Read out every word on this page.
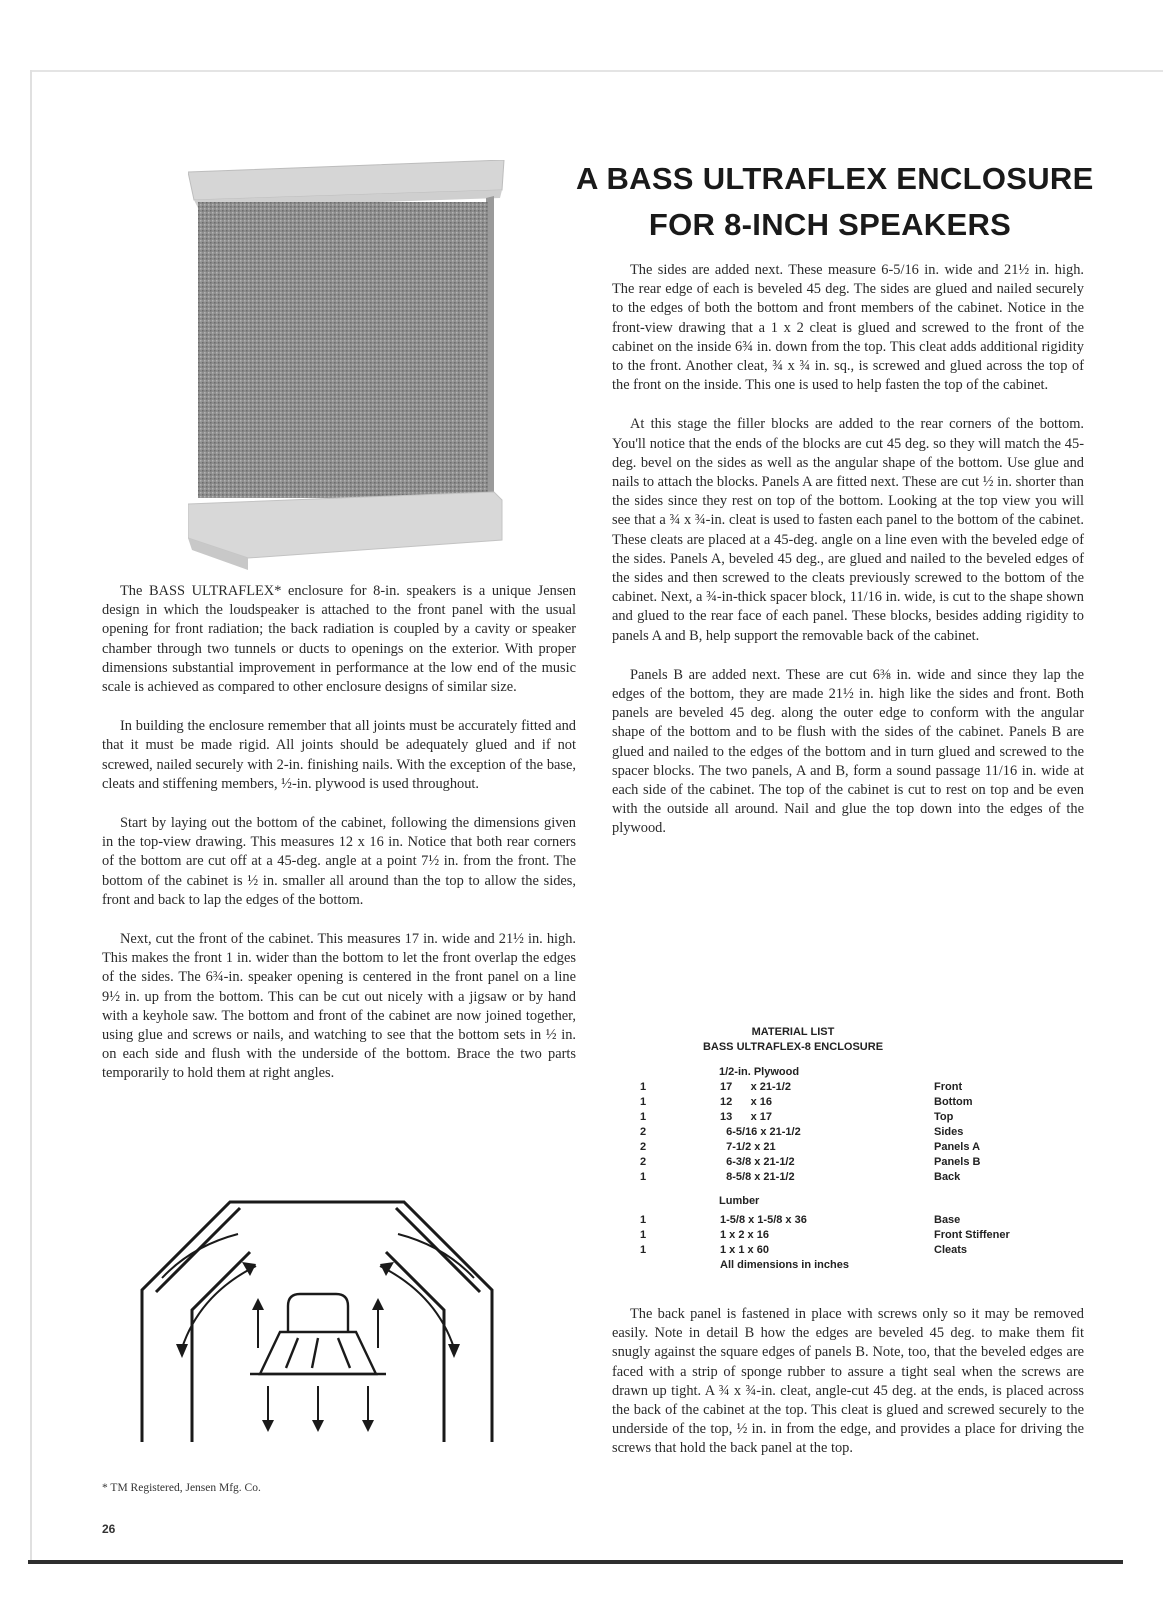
A BASS ULTRAFLEX ENCLOSURE
FOR 8-INCH SPEAKERS

The BASS ULTRAFLEX* enclosure for 8-in. speakers is a unique Jensen design in which the loudspeaker is attached to the front panel with the usual opening for front radiation; the back radiation is coupled by a cavity or speaker chamber through two tunnels or ducts to openings on the exterior. With proper dimensions substantial improvement in performance at the low end of the music scale is achieved as compared to other enclosure designs of similar size.

In building the enclosure remember that all joints must be accurately fitted and that it must be made rigid. All joints should be adequately glued and if not screwed, nailed securely with 2-in. finishing nails. With the exception of the base, cleats and stiffening members, ½-in. plywood is used throughout.

Start by laying out the bottom of the cabinet, following the dimensions given in the top-view drawing. This measures 12 x 16 in. Notice that both rear corners of the bottom are cut off at a 45-deg. angle at a point 7½ in. from the front. The bottom of the cabinet is ½ in. smaller all around than the top to allow the sides, front and back to lap the edges of the bottom.

Next, cut the front of the cabinet. This measures 17 in. wide and 21½ in. high. This makes the front 1 in. wider than the bottom to let the front overlap the edges of the sides. The 6¾-in. speaker opening is centered in the front panel on a line 9½ in. up from the bottom. This can be cut out nicely with a jigsaw or by hand with a keyhole saw. The bottom and front of the cabinet are now joined together, using glue and screws or nails, and watching to see that the bottom sets in ½ in. on each side and flush with the underside of the bottom. Brace the two parts temporarily to hold them at right angles.

The sides are added next. These measure 6-5/16 in. wide and 21½ in. high. The rear edge of each is beveled 45 deg. The sides are glued and nailed securely to the edges of both the bottom and front members of the cabinet. Notice in the front-view drawing that a 1 x 2 cleat is glued and screwed to the front of the cabinet on the inside 6¾ in. down from the top. This cleat adds additional rigidity to the front. Another cleat, ¾ x ¾ in. sq., is screwed and glued across the top of the front on the inside. This one is used to help fasten the top of the cabinet.

At this stage the filler blocks are added to the rear corners of the bottom. You'll notice that the ends of the blocks are cut 45 deg. so they will match the 45-deg. bevel on the sides as well as the angular shape of the bottom. Use glue and nails to attach the blocks. Panels A are fitted next. These are cut ½ in. shorter than the sides since they rest on top of the bottom. Looking at the top view you will see that a ¾ x ¾-in. cleat is used to fasten each panel to the bottom of the cabinet. These cleats are placed at a 45-deg. angle on a line even with the beveled edge of the sides. Panels A, beveled 45 deg., are glued and nailed to the beveled edges of the sides and then screwed to the cleats previously screwed to the bottom of the cabinet. Next, a ¾-in-thick spacer block, 11/16 in. wide, is cut to the shape shown and glued to the rear face of each panel. These blocks, besides adding rigidity to panels A and B, help support the removable back of the cabinet.

Panels B are added next. These are cut 6⅜ in. wide and since they lap the edges of the bottom, they are made 21½ in. high like the sides and front. Both panels are beveled 45 deg. along the outer edge to conform with the angular shape of the bottom and to be flush with the sides of the cabinet. Panels B are glued and nailed to the edges of the bottom and in turn glued and screwed to the spacer blocks. The two panels, A and B, form a sound passage 11/16 in. wide at each side of the cabinet. The top of the cabinet is cut to rest on top and be even with the outside all around. Nail and glue the top down into the edges of the plywood.

MATERIAL LIST
BASS ULTRAFLEX-8 ENCLOSURE
1/2-in. Plywood
1	17      x 21-1/2	Front
1	12      x 16	Bottom
1	13      x 17	Top
2	6-5/16 x 21-1/2	Sides
2	7-1/2 x 21	Panels A
2	6-3/8 x 21-1/2	Panels B
1	8-5/8 x 21-1/2	Back
Lumber
1	1-5/8 x 1-5/8 x 36	Base
1	1 x 2 x 16	Front Stiffener
1	1 x 1 x 60	Cleats
All dimensions in inches

The back panel is fastened in place with screws only so it may be removed easily. Note in detail B how the edges are beveled 45 deg. to make them fit snugly against the square edges of panels B. Note, too, that the beveled edges are faced with a strip of sponge rubber to assure a tight seal when the screws are drawn up tight. A ¾ x ¾-in. cleat, angle-cut 45 deg. at the ends, is placed across the back of the cabinet at the top. This cleat is glued and screwed securely to the underside of the top, ½ in. in from the edge, and provides a place for driving the screws that hold the back panel at the top.

* TM Registered, Jensen Mfg. Co.
26
